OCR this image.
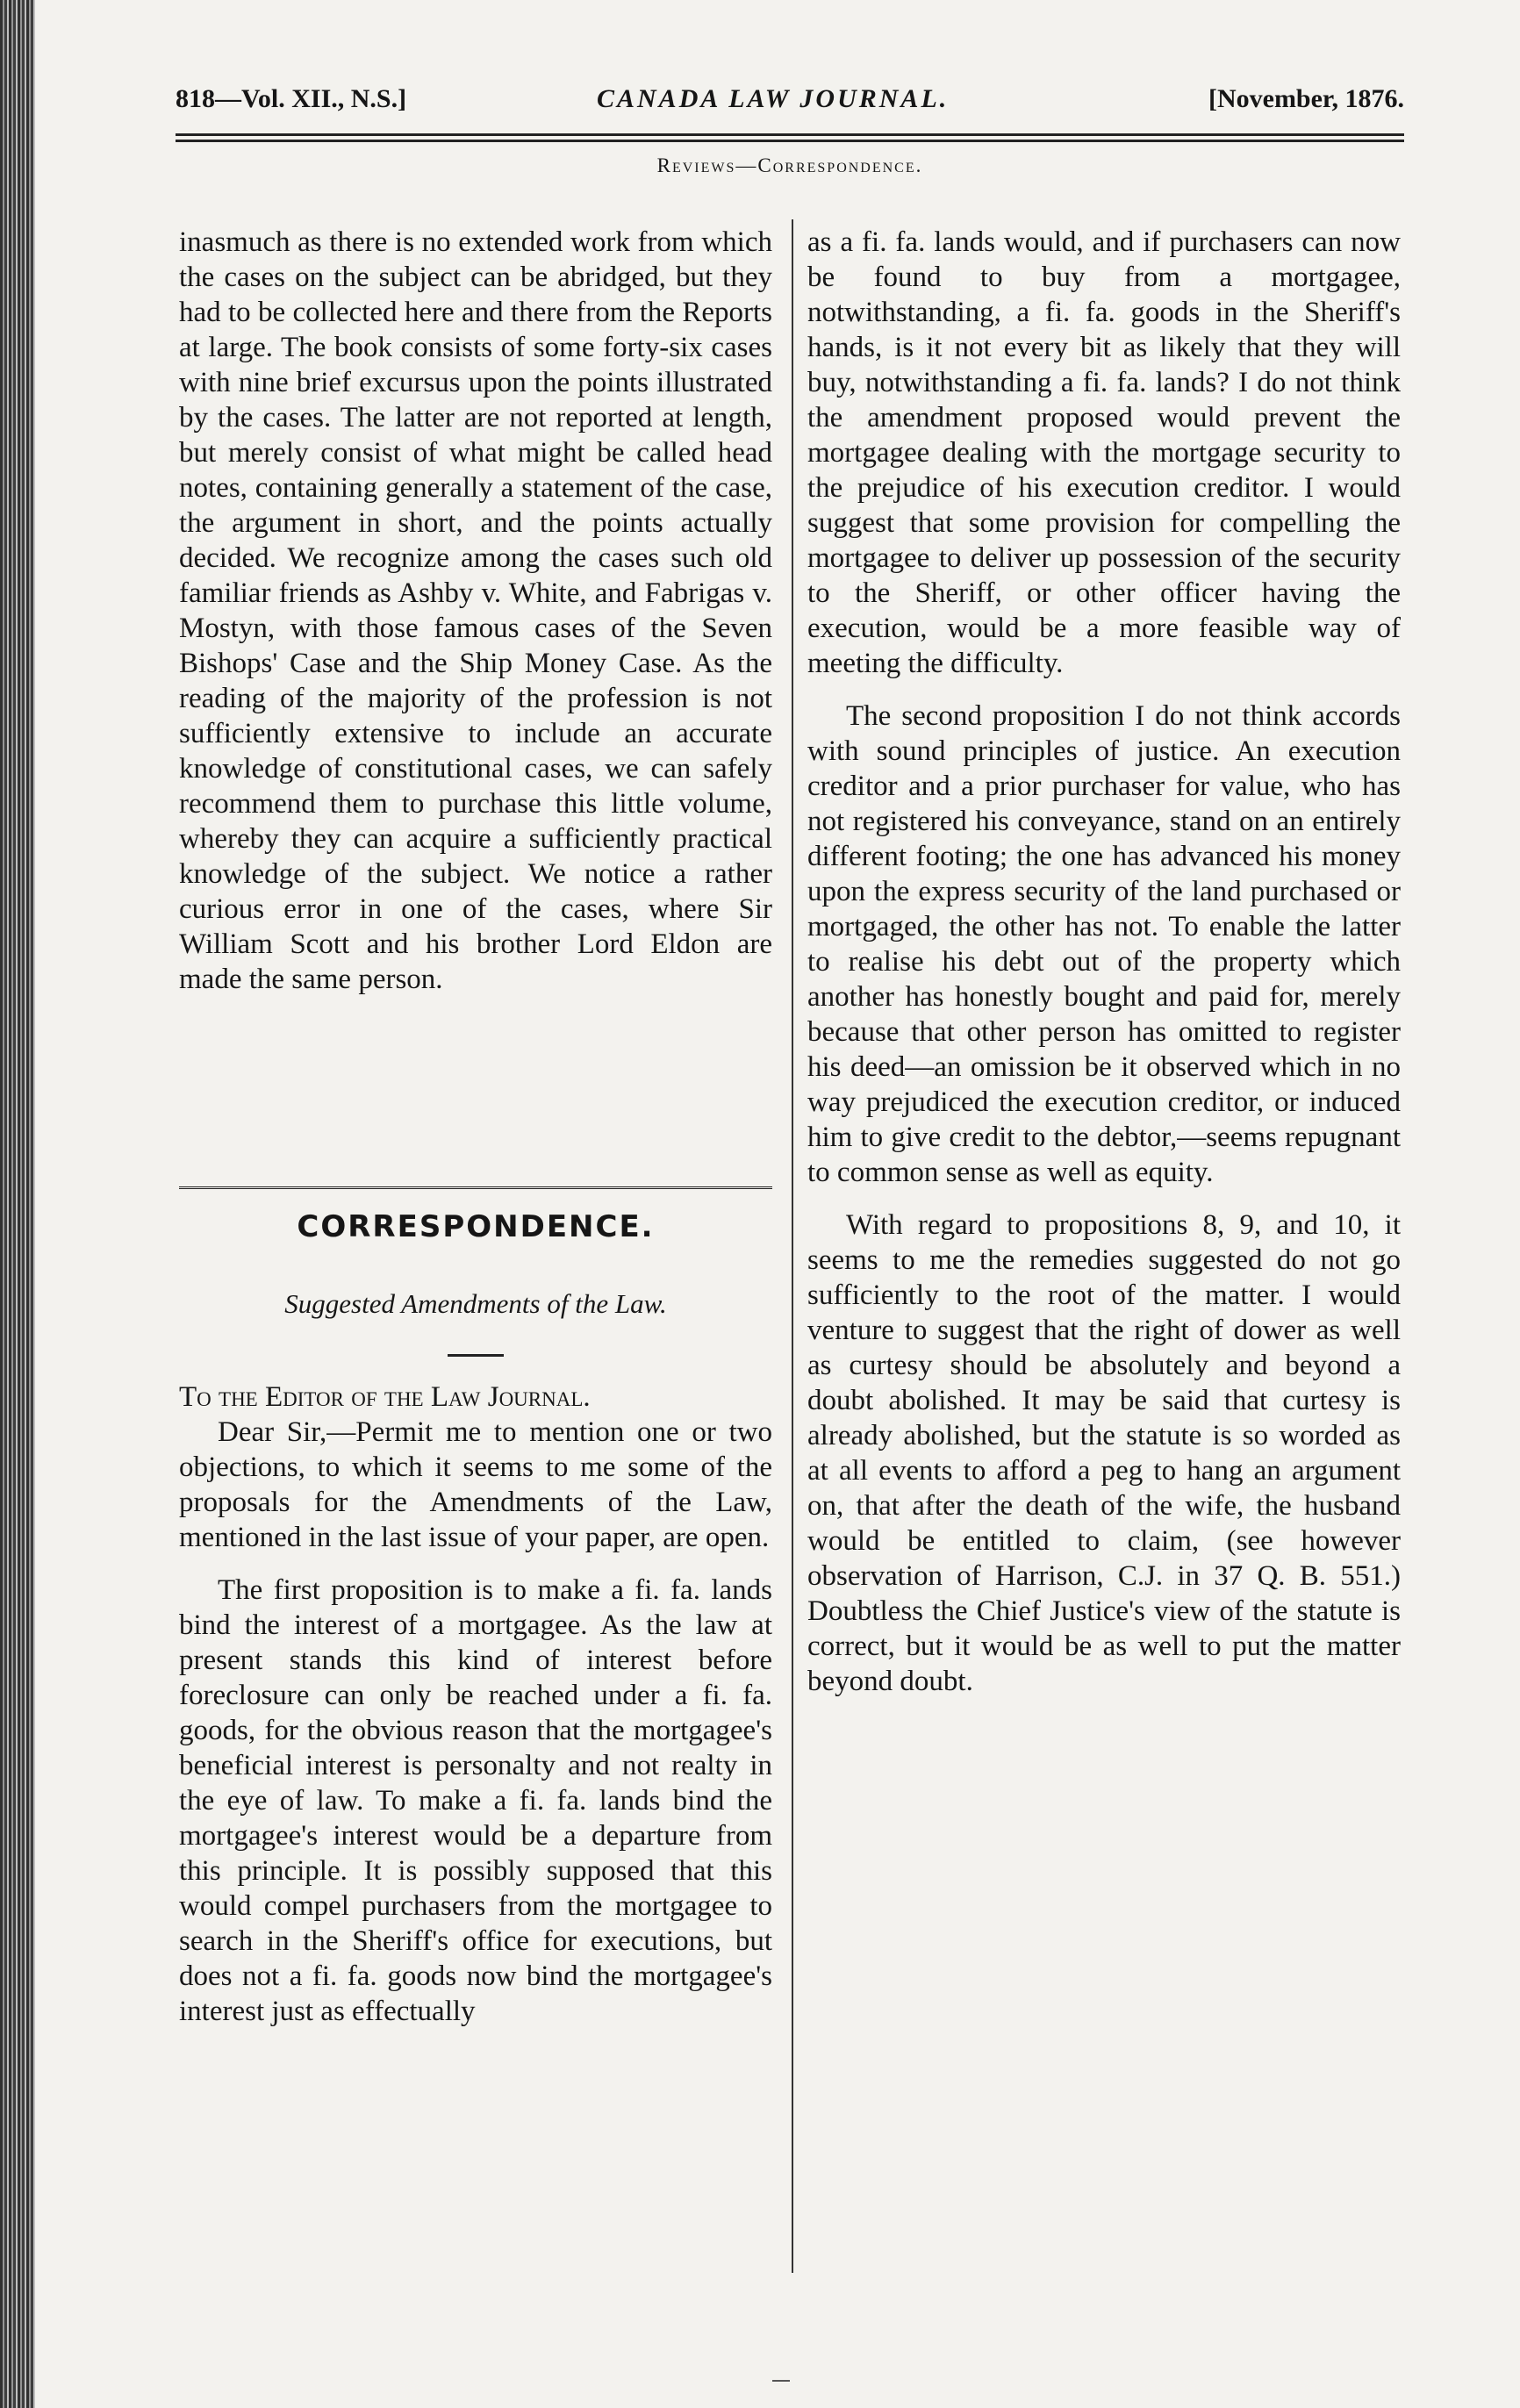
818—Vol. XII., N.S.]	CANADA LAW JOURNAL.	[November, 1876.
Reviews—Correspondence.

inasmuch as there is no extended work from which the cases on the subject can be abridged, but they had to be collected here and there from the Reports at large. The book consists of some forty-six cases with nine brief excursus upon the points illustrated by the cases. The latter are not reported at length, but merely consist of what might be called head notes, containing generally a statement of the case, the argument in short, and the points actually decided. We recognize among the cases such old familiar friends as Ashby v. White, and Fabrigas v. Mostyn, with those famous cases of the Seven Bishops' Case and the Ship Money Case. As the reading of the majority of the profession is not sufficiently extensive to include an accurate knowledge of constitutional cases, we can safely recommend them to purchase this little volume, whereby they can acquire a sufficiently practical knowledge of the subject. We notice a rather curious error in one of the cases, where Sir William Scott and his brother Lord Eldon are made the same person.

CORRESPONDENCE.
Suggested Amendments of the Law.

To the Editor of the Law Journal.

Dear Sir,—Permit me to mention one or two objections, to which it seems to me some of the proposals for the Amendments of the Law, mentioned in the last issue of your paper, are open.

The first proposition is to make a fi. fa. lands bind the interest of a mortgagee. As the law at present stands this kind of interest before foreclosure can only be reached under a fi. fa. goods, for the obvious reason that the mortgagee's beneficial interest is personalty and not realty in the eye of law. To make a fi. fa. lands bind the mortgagee's interest would be a departure from this principle. It is possibly supposed that this would compel purchasers from the mortgagee to search in the Sheriff's office for executions, but does not a fi. fa. goods now bind the mortgagee's interest just as effectually

as a fi. fa. lands would, and if purchasers can now be found to buy from a mortgagee, notwithstanding, a fi. fa. goods in the Sheriff's hands, is it not every bit as likely that they will buy, notwithstanding a fi. fa. lands? I do not think the amendment proposed would prevent the mortgagee dealing with the mortgage security to the prejudice of his execution creditor. I would suggest that some provision for compelling the mortgagee to deliver up possession of the security to the Sheriff, or other officer having the execution, would be a more feasible way of meeting the difficulty.

The second proposition I do not think accords with sound principles of justice. An execution creditor and a prior purchaser for value, who has not registered his conveyance, stand on an entirely different footing; the one has advanced his money upon the express security of the land purchased or mortgaged, the other has not. To enable the latter to realise his debt out of the property which another has honestly bought and paid for, merely because that other person has omitted to register his deed—an omission be it observed which in no way prejudiced the execution creditor, or induced him to give credit to the debtor,—seems repugnant to common sense as well as equity.

With regard to propositions 8, 9, and 10, it seems to me the remedies suggested do not go sufficiently to the root of the matter. I would venture to suggest that the right of dower as well as curtesy should be absolutely and beyond a doubt abolished. It may be said that curtesy is already abolished, but the statute is so worded as at all events to afford a peg to hang an argument on, that after the death of the wife, the husband would be entitled to claim, (see however observation of Harrison, C.J. in 37 Q. B. 551.) Doubtless the Chief Justice's view of the statute is correct, but it would be as well to put the matter beyond doubt.
